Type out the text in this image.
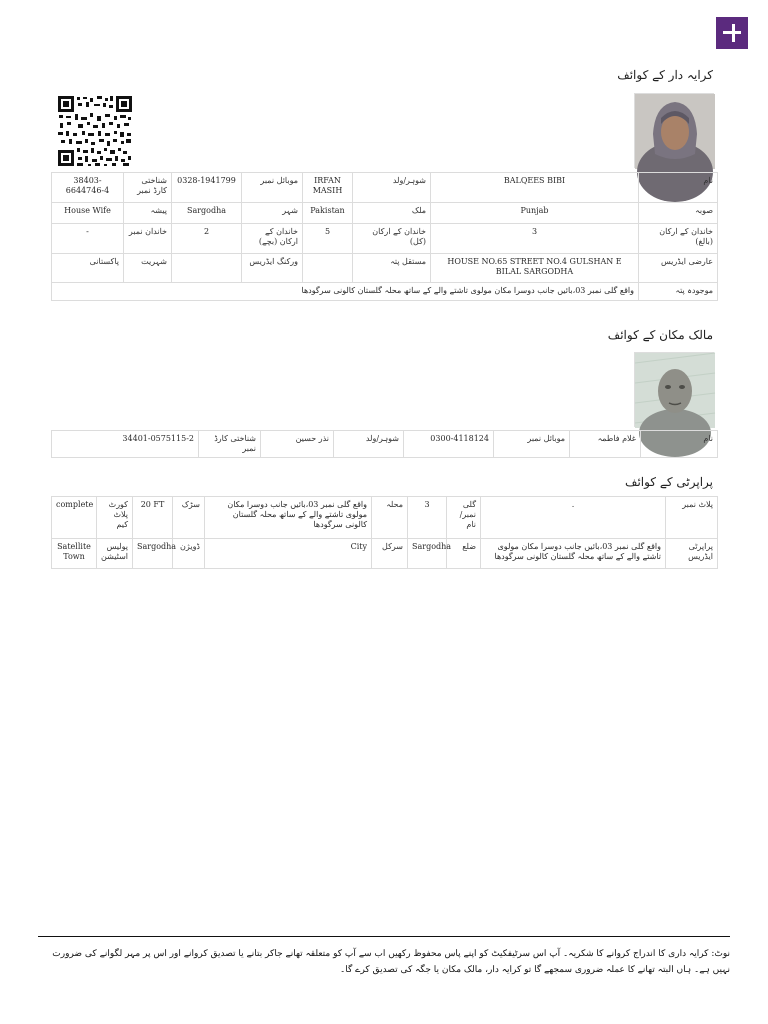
کرایہ دار کے کوائف
38403-6644746-4	شناختی کارڈ نمبر	0328-1941799	موبائل نمبر	IRFAN MASIH	شوہر/ولد	BALQEES BIBI	نام
House Wife	پیشہ	Sargodha	شہر	Pakistan	ملک	Punjab	صوبہ
-	خاندان نمبر	2	خاندان کے ارکان (بچے)	5	خاندان کے ارکان (کل)	3	خاندان کے ارکان (بالغ)
پاکستانی	شہریت		ورکنگ ایڈریس		مستقل پتہ	HOUSE NO.65 STREET NO.4 GULSHAN E BILAL SARGODHA	عارضی ایڈریس
واقع گلی نمبر 03،بائیں جانب دوسرا مکان مولوی تاشتے والے کے ساتھ محلہ گلستان کالونی سرگودھا							موجودہ پتہ
مالک مکان کے کوائف
34401-0575115-2	شناختی کارڈ نمبر	نذر حسین	شوہر/ولد	0300-4118124	موبائل نمبر	غلام فاطمہ	نام
پراپرٹی کے کوائف
complete	کورٹ پلاٹ کیم	20 FT	سڑک	واقع گلی نمبر 03،بائیں جانب دوسرا مکان مولوی تاشتے والے کے ساتھ محلہ گلستان کالونی سرگودھا	محلہ	3	گلی نمبر/نام	.	پلاٹ نمبر
Satellite Town	پولیس اسٹیشن	Sargodha	ڈویژن	City	سرکل	Sargodha	ضلع	واقع گلی نمبر 03،بائیں جانب دوسرا مکان مولوی تاشتے والے کے ساتھ محلہ گلستان کالونی سرگودھا	پراپرٹی ایڈریس
نوٹ: کرایہ داری کا اندراج کروانے کا شکریہ۔ آپ اس سرٹیفکیٹ کو اپنے پاس محفوظ رکھیں اب سے آپ کو متعلقہ تھانے جاکر بتانے یا تصدیق کروانے اور اس پر مہر لگوانے کی ضرورت نہیں ہے۔ ہاں البتہ تھانے کا عملہ ضروری سمجھے گا تو کرایہ دار، مالک مکان یا جگہ کی تصدیق کرے گا۔
